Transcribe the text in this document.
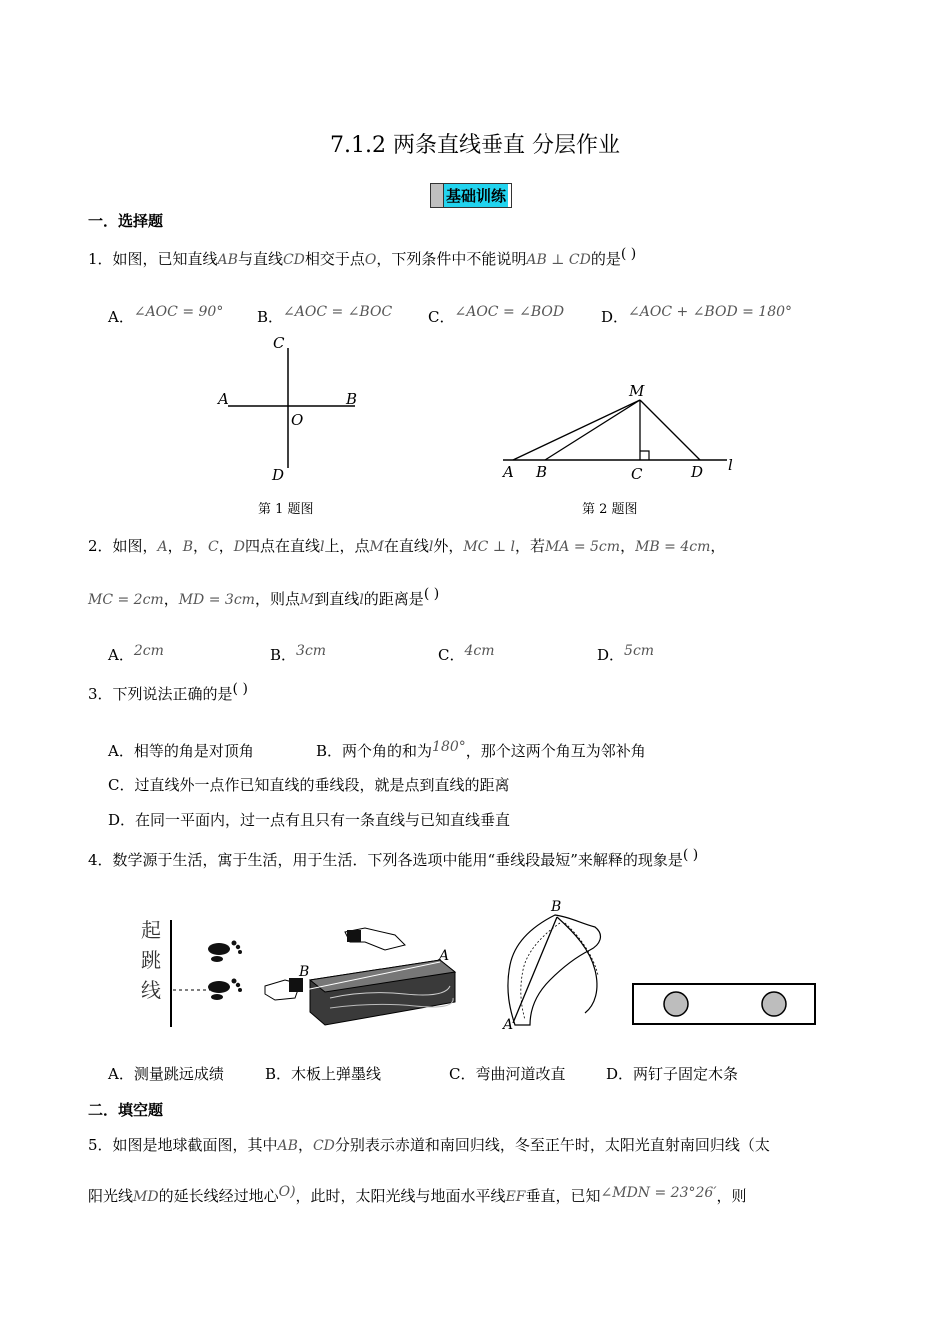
7.1.2 两条直线垂直 分层作业
基础训练
一．选择题
1．如图，已知直线AB与直线CD相交于点O，下列条件中不能说明AB ⊥ CD的是( )
A．∠AOC = 90° B．∠AOC = ∠BOC C．∠AOC = ∠BOD D．∠AOC + ∠BOD = 180°
C
A	B
O
D
第 1 题图
M
A B	C	D l
第 2 题图
2．如图，A，B，C，D四点在直线l上，点M在直线l外，MC ⊥ l，若MA = 5cm，MB = 4cm，
MC = 2cm，MD = 3cm，则点M到直线l的距离是( )
A．2cm	B．3cm	C．4cm	D．5cm
3．下列说法正确的是( )
A．相等的角是对顶角	B．两个角的和为180°，那个这两个角互为邻补角
C．过直线外一点作已知直线的垂线段，就是点到直线的距离
D．在同一平面内，过一点有且只有一条直线与已知直线垂直
4．数学源于生活，寓于生活，用于生活．下列各选项中能用“垂线段最短”来解释的现象是( )
起
跳
线
B
A
B
A
A．测量跳远成绩	B．木板上弹墨线	C．弯曲河道改直	D．两钉子固定木条
二．填空题
5．如图是地球截面图，其中AB，CD分别表示赤道和南回归线，冬至正午时，太阳光直射南回归线（太
阳光线MD的延长线经过地心O)，此时，太阳光线与地面水平线EF垂直，已知∠MDN = 23°26′，则
